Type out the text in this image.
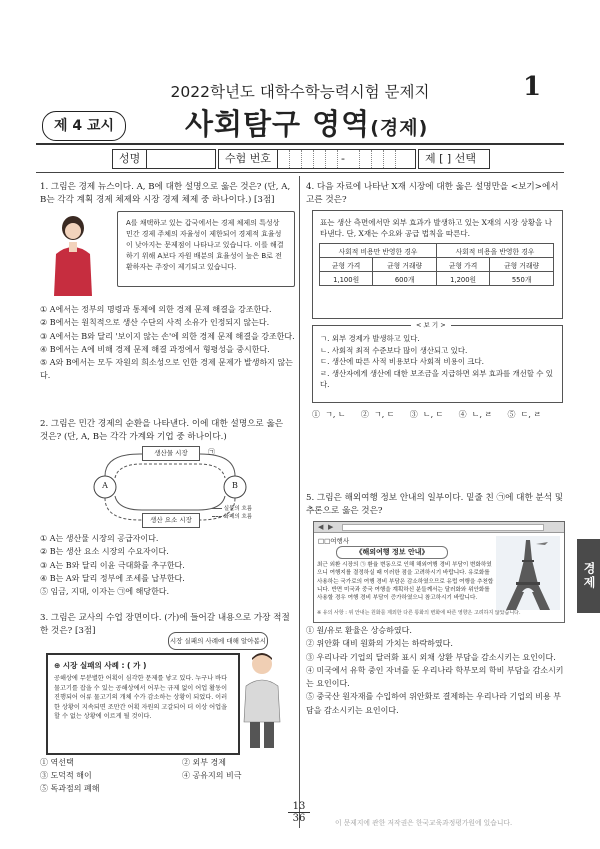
2022학년도 대학수학능력시험 문제지	1
제 4 교시	사회탐구 영역(경제)
성명	수험 번호	-	제 [ ] 선택
1. 그림은 경제 뉴스이다. A, B에 대한 설명으로 옳은 것은? (단, A, B는 각각 계획 경제 체제와 시장 경제 체제 중 하나이다.) [3점]
A를 채택하고 있는 갑국에서는 경제 체제의 특성상 민간 경제 주체의 자율성이 제한되어 경제적 효율성이 낮아지는 문제점이 나타나고 있습니다. 이를 해결하기 위해 A보다 자원 배분의 효율성이 높은 B로 전환하자는 주장이 제기되고 있습니다.
① A에서는 정부의 명령과 통제에 의한 경제 문제 해결을 강조한다.
② B에서는 원칙적으로 생산 수단의 사적 소유가 인정되지 않는다.
③ A에서는 B와 달리 '보이지 않는 손'에 의한 경제 문제 해결을 강조한다.
④ B에서는 A에 비해 경제 문제 해결 과정에서 형평성을 중시한다.
⑤ A와 B에서는 모두 자원의 희소성으로 인한 경제 문제가 발생하지 않는다.
2. 그림은 민간 경제의 순환을 나타낸다. 이에 대한 설명으로 옳은 것은? (단, A, B는 각각 가계와 기업 중 하나이다.)
생산물 시장
생산 요소 시장
A	B
㉠
실물의 흐름
화폐의 흐름
① A는 생산물 시장의 공급자이다.
② B는 생산 요소 시장의 수요자이다.
③ A는 B와 달리 이윤 극대화를 추구한다.
④ B는 A와 달리 정부에 조세를 납부한다.
⑤ 임금, 지대, 이자는 ㉠에 해당한다.
3. 그림은 교사의 수업 장면이다. (가)에 들어갈 내용으로 가장 적절한 것은? [3점]
시장 실패의 사례에 대해 알아봅시
⊕ 시장 실패의 사례 : ( 가 )
공해상에 무분별한 어획이 심각한 문제를 낳고 있다. 누구나 바다 물고기를 잡을 수 있는 공해상에서 어부는 규제 없이 어업 활동이 진행되어 어류 물고기의 개체 수가 감소하는 상황이 되었다. 이러한 상황이 지속되면 조만간 어획 자원의 고갈되어 더 이상 어업을 할 수 없는 상황에 이르게 될 것이다.
① 역선택	② 외부 경제
③ 도덕적 해이	④ 공유지의 비극
⑤ 독과점의 폐해
4. 다음 자료에 나타난 X재 시장에 대한 옳은 설명만을 <보기>에서 고른 것은?
표는 생산 측면에서만 외부 효과가 발생하고 있는 X재의 시장 상황을 나타낸다. 단, X재는 수요와 공급 법칙을 따른다.
사회적 비용만 반영한 경우		사회적 비용을 반영한 경우	
균형 가격	균형 거래량	균형 가격	균형 거래량
1,100원	600개	1,200원	550개
< 보 기 >
ㄱ. 외부 경제가 발생하고 있다.
ㄴ. 사회적 최적 수준보다 많이 생산되고 있다.
ㄷ. 생산에 따른 사적 비용보다 사회적 비용이 크다.
ㄹ. 생산자에게 생산에 대한 보조금을 지급하면 외부 효과를 개선할 수 있다.
①  ㄱ, ㄴ      ②  ㄱ, ㄷ      ③  ㄴ, ㄷ      ④  ㄴ, ㄹ      ⑤  ㄷ, ㄹ
5. 그림은 해외여행 정보 안내의 일부이다. 밑줄 친 ㉠에 대한 분석 및 추론으로 옳은 것은?
◀ ▶
□□여행사
《해외여행 정보 안내》
최근 외환 시장의 ㉠ 환율 변동으로 인해 해외여행 경비 부담이 변화하였으니 여행지를 결정하실 때 이러한 점을 고려하시기 바랍니다. 유로화를 사용하는 국가로의 여행 경비 부담은 감소하였으므로 유럽 여행을 추천합니다. 반면 미국과 중국 여행을 계획하신 분들께서는 달러화와 위안화를 사용할 경우 여행 경비 부담이 증가하였으니 참고하시기 바랍니다.
※ 유의 사항 : 위 안내는 원화를 제외한 다른 통화의 변화에 따른 영향은 고려하지 않았습니다.
① 원/유로 환율은 상승하였다.
② 위안화 대비 원화의 가치는 하락하였다.
③ 우리나라 기업의 달러화 표시 외채 상환 부담을 감소시키는 요인이다.
④ 미국에서 유학 중인 자녀를 둔 우리나라 학부모의 학비 부담을 감소시키는 요인이다.
⑤ 중국산 원자재를 수입하여 위안화로 결제하는 우리나라 기업의 비용 부담을 감소시키는 요인이다.
경제
13
36	이 문제지에 관한 저작권은 한국교육과정평가원에 있습니다.
